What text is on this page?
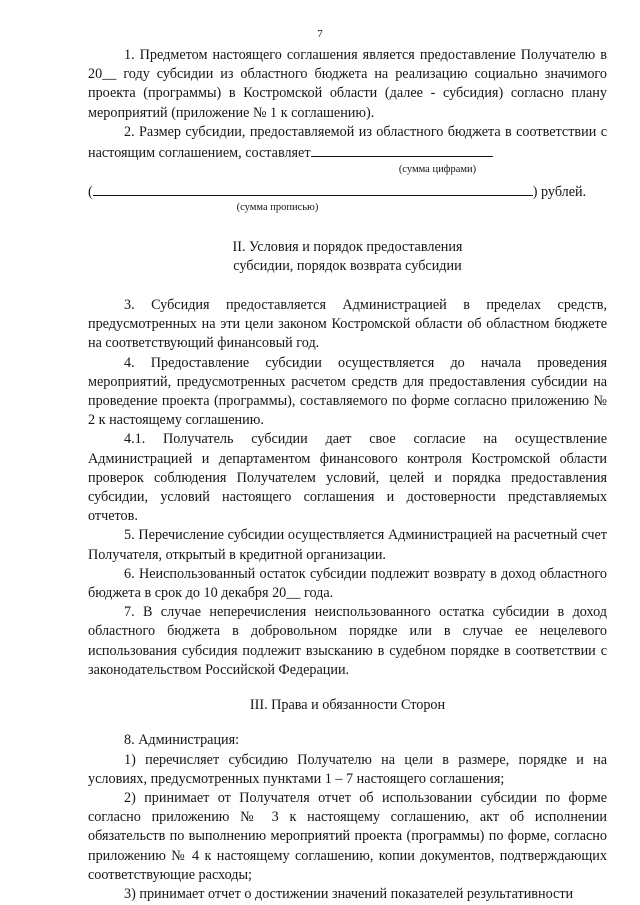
7

1. Предметом настоящего соглашения является предоставление Получателю в 20__ году субсидии из областного бюджета на реализацию социально значимого проекта (программы) в Костромской области (далее - субсидия) согласно плану мероприятий (приложение № 1 к соглашению).

2. Размер субсидии, предоставляемой из областного бюджета в соответствии с настоящим соглашением, составляет

(сумма цифрами)
(	) рублей.
(сумма прописью)

II. Условия и порядок предоставления

субсидии, порядок возврата субсидии

3. Субсидия предоставляется Администрацией в пределах средств, предусмотренных на эти цели законом Костромской области об областном бюджете на соответствующий финансовый год.

4. Предоставление субсидии осуществляется до начала проведения мероприятий, предусмотренных расчетом средств для предоставления субсидии на проведение проекта (программы), составляемого по форме согласно приложению № 2 к настоящему соглашению.

4.1. Получатель субсидии дает свое согласие на осуществление Администрацией и департаментом финансового контроля Костромской области проверок соблюдения Получателем условий, целей и порядка предоставления субсидии, условий настоящего соглашения и достоверности представляемых отчетов.

5. Перечисление субсидии осуществляется Администрацией на расчетный счет Получателя, открытый в кредитной организации.

6. Неиспользованный остаток субсидии подлежит возврату в доход областного бюджета в срок до 10 декабря 20__ года.

7. В случае неперечисления неиспользованного остатка субсидии в доход областного бюджета в добровольном порядке или в случае ее нецелевого использования субсидия подлежит взысканию в судебном порядке в соответствии с законодательством Российской Федерации.

III. Права и обязанности Сторон

8. Администрация:

1) перечисляет субсидию Получателю на цели в размере, порядке и на условиях, предусмотренных пунктами 1 – 7 настоящего соглашения;

2) принимает от Получателя отчет об использовании субсидии по форме согласно приложению № 3 к настоящему соглашению, акт об исполнении обязательств по выполнению мероприятий проекта (программы) по форме, согласно приложению № 4 к настоящему соглашению, копии документов, подтверждающих соответствующие расходы;

3) принимает отчет о достижении значений показателей результативности
